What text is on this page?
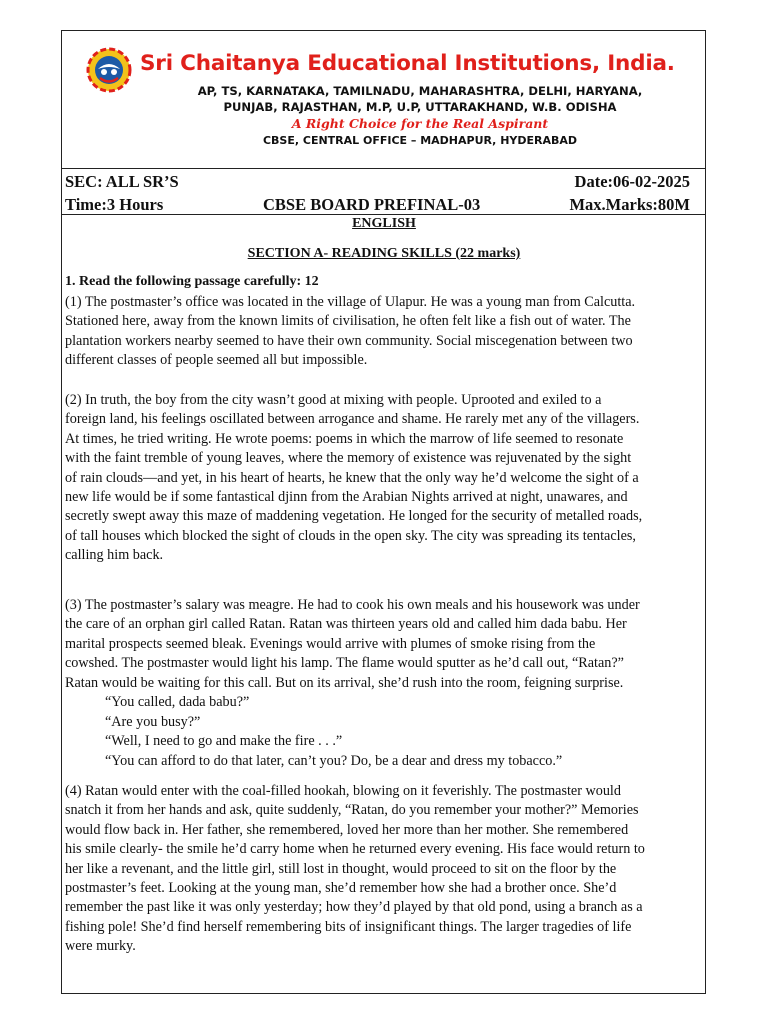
Sri Chaitanya Educational Institutions, India.
AP, TS, KARNATAKA, TAMILNADU, MAHARASHTRA, DELHI, HARYANA,
PUNJAB, RAJASTHAN, M.P, U.P, UTTARAKHAND, W.B. ODISHA
A Right Choice for the Real Aspirant
CBSE, CENTRAL OFFICE – MADHAPUR, HYDERABAD
SEC: ALL SR’S	Date:06-02-2025
Time:3 Hours	CBSE BOARD PREFINAL-03	Max.Marks:80M
ENGLISH
SECTION A- READING SKILLS (22 marks)
1. Read the following passage carefully: 12
(1) The postmaster’s office was located in the village of Ulapur. He was a young man from Calcutta.
Stationed here, away from the known limits of civilisation, he often felt like a fish out of water. The
plantation workers nearby seemed to have their own community. Social miscegenation between two
different classes of people seemed all but impossible.
(2) In truth, the boy from the city wasn’t good at mixing with people. Uprooted and exiled to a
foreign land, his feelings oscillated between arrogance and shame. He rarely met any of the villagers.
At times, he tried writing. He wrote poems: poems in which the marrow of life seemed to resonate
with the faint tremble of young leaves, where the memory of existence was rejuvenated by the sight
of rain clouds—and yet, in his heart of hearts, he knew that the only way he’d welcome the sight of a
new life would be if some fantastical djinn from the Arabian Nights arrived at night, unawares, and
secretly swept away this maze of maddening vegetation. He longed for the security of metalled roads,
of tall houses which blocked the sight of clouds in the open sky. The city was spreading its tentacles,
calling him back.
(3) The postmaster’s salary was meagre. He had to cook his own meals and his housework was under
the care of an orphan girl called Ratan. Ratan was thirteen years old and called him dada babu. Her
marital prospects seemed bleak. Evenings would arrive with plumes of smoke rising from the
cowshed. The postmaster would light his lamp. The flame would sputter as he’d call out, “Ratan?”
Ratan would be waiting for this call. But on its arrival, she’d rush into the room, feigning surprise.
“You called, dada babu?”
“Are you busy?”
“Well, I need to go and make the fire . . .”
“You can afford to do that later, can’t you? Do, be a dear and dress my tobacco.”
(4) Ratan would enter with the coal-filled hookah, blowing on it feverishly. The postmaster would
snatch it from her hands and ask, quite suddenly, “Ratan, do you remember your mother?” Memories
would flow back in. Her father, she remembered, loved her more than her mother. She remembered
his smile clearly- the smile he’d carry home when he returned every evening. His face would return to
her like a revenant, and the little girl, still lost in thought, would proceed to sit on the floor by the
postmaster’s feet. Looking at the young man, she’d remember how she had a brother once. She’d
remember the past like it was only yesterday; how they’d played by that old pond, using a branch as a
fishing pole! She’d find herself remembering bits of insignificant things. The larger tragedies of life
were murky.
